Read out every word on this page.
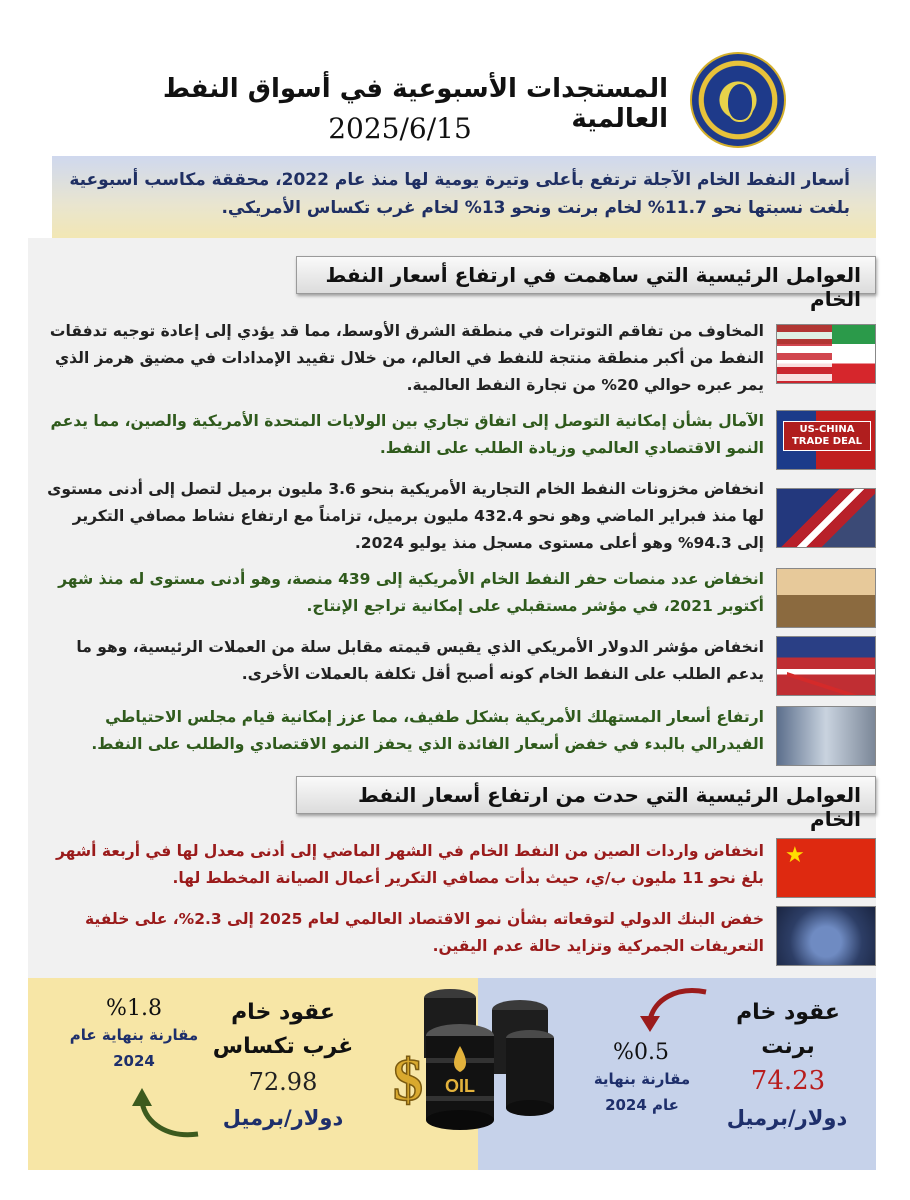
المستجدات الأسبوعية في أسواق النفط العالمية
2025/6/15

أسعار النفط الخام الآجلة ترتفع بأعلى وتيرة يومية لها منذ عام 2022، محققة مكاسب أسبوعية بلغت نسبتها نحو 11.7% لخام برنت ونحو 13% لخام غرب تكساس الأمريكي.

العوامل الرئيسية التي ساهمت في ارتفاع أسعار النفط الخام
المخاوف من تفاقم التوترات في منطقة الشرق الأوسط، مما قد يؤدي إلى إعادة توجيه تدفقات النفط من أكبر منطقة منتجة للنفط في العالم، من خلال تقييد الإمدادات في مضيق هرمز الذي يمر عبره حوالي 20% من تجارة النفط العالمية.
US-CHINA TRADE DEAL
الآمال بشأن إمكانية التوصل إلى اتفاق تجاري بين الولايات المتحدة الأمريكية والصين، مما يدعم النمو الاقتصادي العالمي وزيادة الطلب على النفط.
انخفاض مخزونات النفط الخام التجارية الأمريكية بنحو 3.6 مليون برميل لتصل إلى أدنى مستوى لها منذ فبراير الماضي وهو نحو 432.4 مليون برميل، تزامناً مع ارتفاع نشاط مصافي التكرير إلى 94.3% وهو أعلى مستوى مسجل منذ يوليو 2024.
انخفاض عدد منصات حفر النفط الخام الأمريكية إلى 439 منصة، وهو أدنى مستوى له منذ شهر أكتوبر 2021، في مؤشر مستقبلي على إمكانية تراجع الإنتاج.
انخفاض مؤشر الدولار الأمريكي الذي يقيس قيمته مقابل سلة من العملات الرئيسية، وهو ما يدعم الطلب على النفط الخام كونه أصبح أقل تكلفة بالعملات الأخرى.
ارتفاع أسعار المستهلك الأمريكية بشكل طفيف، مما عزز إمكانية قيام مجلس الاحتياطي الفيدرالي بالبدء في خفض أسعار الفائدة الذي يحفز النمو الاقتصادي والطلب على النفط.
العوامل الرئيسية التي حدت من ارتفاع أسعار النفط الخام
★
انخفاض واردات الصين من النفط الخام في الشهر الماضي إلى أدنى معدل لها في أربعة أشهر بلغ نحو 11 مليون ب/ي، حيث بدأت مصافي التكرير أعمال الصيانة المخطط لها.
خفض البنك الدولي لتوقعاته بشأن نمو الاقتصاد العالمي لعام 2025 إلى 2.3%، على خلفية التعريفات الجمركية وتزايد حالة عدم اليقين.
عقود خام غرب تكساس
72.98
دولار/برميل
%1.8
مقارنة بنهاية عام 2024
عقود خام برنت
74.23
دولار/برميل
%0.5
مقارنة بنهاية عام 2024
OIL
$
